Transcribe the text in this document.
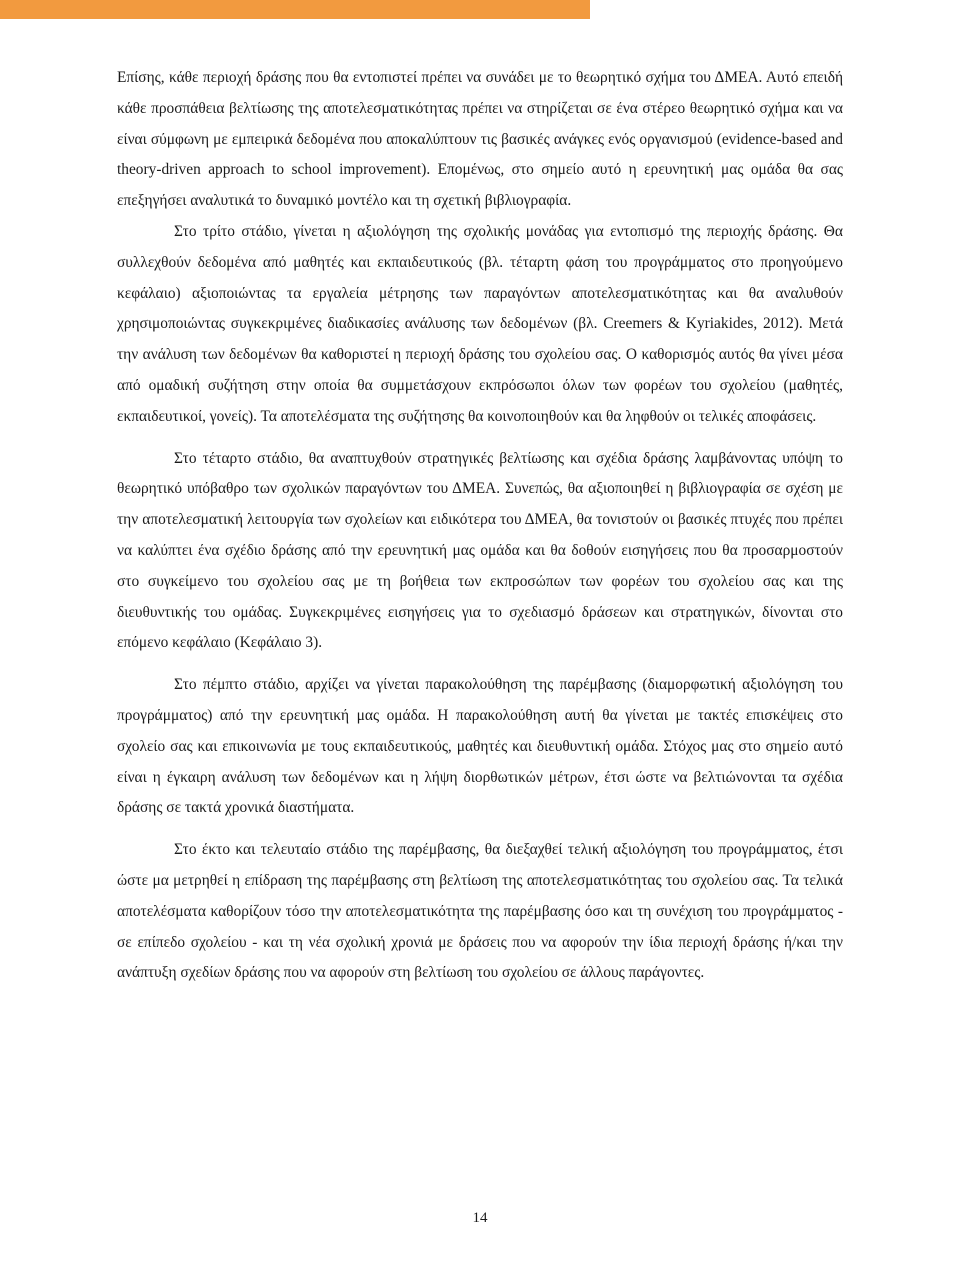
Επίσης, κάθε περιοχή δράσης που θα εντοπιστεί πρέπει να συνάδει με το θεωρητικό σχήμα του ΔΜΕΑ. Αυτό επειδή κάθε προσπάθεια βελτίωσης της αποτελεσματικότητας πρέπει να στηρίζεται σε ένα στέρεο θεωρητικό σχήμα και να είναι σύμφωνη με εμπειρικά δεδομένα που αποκαλύπτουν τις βασικές ανάγκες ενός οργανισμού (evidence-based and theory-driven approach to school improvement). Επομένως, στο σημείο αυτό η ερευνητική μας ομάδα θα σας επεξηγήσει αναλυτικά το δυναμικό μοντέλο και τη σχετική βιβλιογραφία.

Στο τρίτο στάδιο, γίνεται η αξιολόγηση της σχολικής μονάδας για εντοπισμό της περιοχής δράσης. Θα συλλεχθούν δεδομένα από μαθητές και εκπαιδευτικούς (βλ. τέταρτη φάση του προγράμματος στο προηγούμενο κεφάλαιο) αξιοποιώντας τα εργαλεία μέτρησης των παραγόντων αποτελεσματικότητας και θα αναλυθούν χρησιμοποιώντας συγκεκριμένες διαδικασίες ανάλυσης των δεδομένων (βλ. Creemers & Kyriakides, 2012). Μετά την ανάλυση των δεδομένων θα καθοριστεί η περιοχή δράσης του σχολείου σας. Ο καθορισμός αυτός θα γίνει μέσα από ομαδική συζήτηση στην οποία θα συμμετάσχουν εκπρόσωποι όλων των φορέων του σχολείου (μαθητές, εκπαιδευτικοί, γονείς). Τα αποτελέσματα της συζήτησης θα κοινοποιηθούν και θα ληφθούν οι τελικές αποφάσεις.

Στο τέταρτο στάδιο, θα αναπτυχθούν στρατηγικές βελτίωσης και σχέδια δράσης λαμβάνοντας υπόψη το θεωρητικό υπόβαθρο των σχολικών παραγόντων του ΔΜΕΑ. Συνεπώς, θα αξιοποιηθεί η βιβλιογραφία σε σχέση με την αποτελεσματική λειτουργία των σχολείων και ειδικότερα του ΔΜΕΑ, θα τονιστούν οι βασικές πτυχές που πρέπει να καλύπτει ένα σχέδιο δράσης από την ερευνητική μας ομάδα και θα δοθούν εισηγήσεις που θα προσαρμοστούν στο συγκείμενο του σχολείου σας με τη βοήθεια των εκπροσώπων των φορέων του σχολείου σας και της διευθυντικής του ομάδας. Συγκεκριμένες εισηγήσεις για το σχεδιασμό δράσεων και στρατηγικών, δίνονται στο επόμενο κεφάλαιο (Κεφάλαιο 3).

Στο πέμπτο στάδιο, αρχίζει να γίνεται παρακολούθηση της παρέμβασης (διαμορφωτική αξιολόγηση του προγράμματος) από την ερευνητική μας ομάδα. Η παρακολούθηση αυτή θα γίνεται με τακτές επισκέψεις στο σχολείο σας και επικοινωνία με τους εκπαιδευτικούς, μαθητές και διευθυντική ομάδα. Στόχος μας στο σημείο αυτό είναι η έγκαιρη ανάλυση των δεδομένων και η λήψη διορθωτικών μέτρων, έτσι ώστε να βελτιώνονται τα σχέδια δράσης σε τακτά χρονικά διαστήματα.

Στο έκτο και τελευταίο στάδιο της παρέμβασης, θα διεξαχθεί τελική αξιολόγηση του προγράμματος, έτσι ώστε μα μετρηθεί η επίδραση της παρέμβασης στη βελτίωση της αποτελεσματικότητας του σχολείου σας. Τα τελικά αποτελέσματα καθορίζουν τόσο την αποτελεσματικότητα της παρέμβασης όσο και τη συνέχιση του προγράμματος - σε επίπεδο σχολείου - και τη νέα σχολική χρονιά με δράσεις που να αφορούν την ίδια περιοχή δράσης ή/και την ανάπτυξη σχεδίων δράσης που να αφορούν στη βελτίωση του σχολείου σε άλλους παράγοντες.

14
